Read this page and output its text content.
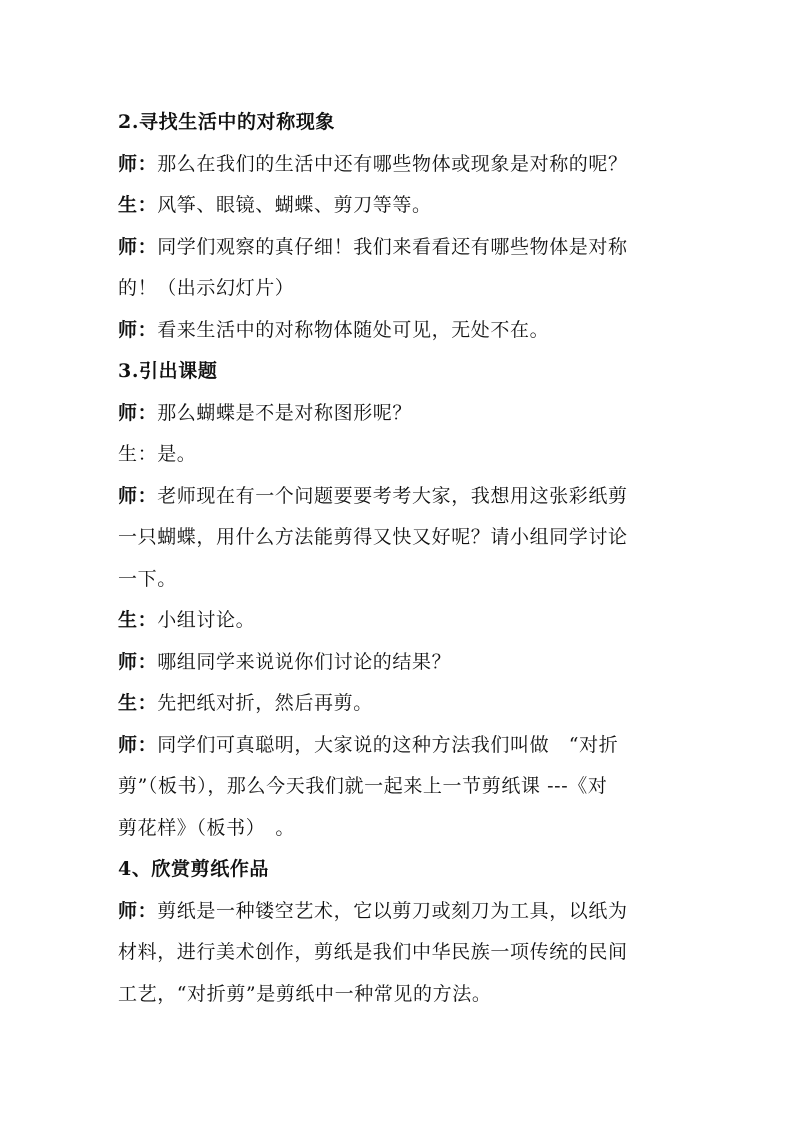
2.寻找生活中的对称现象
师：那么在我们的生活中还有哪些物体或现象是对称的呢？
生：风筝、眼镜、蝴蝶、剪刀等等。
师：同学们观察的真仔细！我们来看看还有哪些物体是对称
的！（出示幻灯片）
师：看来生活中的对称物体随处可见，无处不在。
3.引出课题
师：那么蝴蝶是不是对称图形呢？
生：是。
师：老师现在有一个问题要要考考大家，我想用这张彩纸剪
一只蝴蝶，用什么方法能剪得又快又好呢？请小组同学讨论
一下。
生：小组讨论。
师：哪组同学来说说你们讨论的结果？
生：先把纸对折，然后再剪。
师：同学们可真聪明，大家说的这种方法我们叫做　“对折
剪”（板书），那么今天我们就一起来上一节剪纸课 ---《对
剪花样》（板书）　。
4、欣赏剪纸作品
师：剪纸是一种镂空艺术，它以剪刀或刻刀为工具，以纸为
材料，进行美术创作，剪纸是我们中华民族一项传统的民间
工艺，“对折剪”是剪纸中一种常见的方法。
